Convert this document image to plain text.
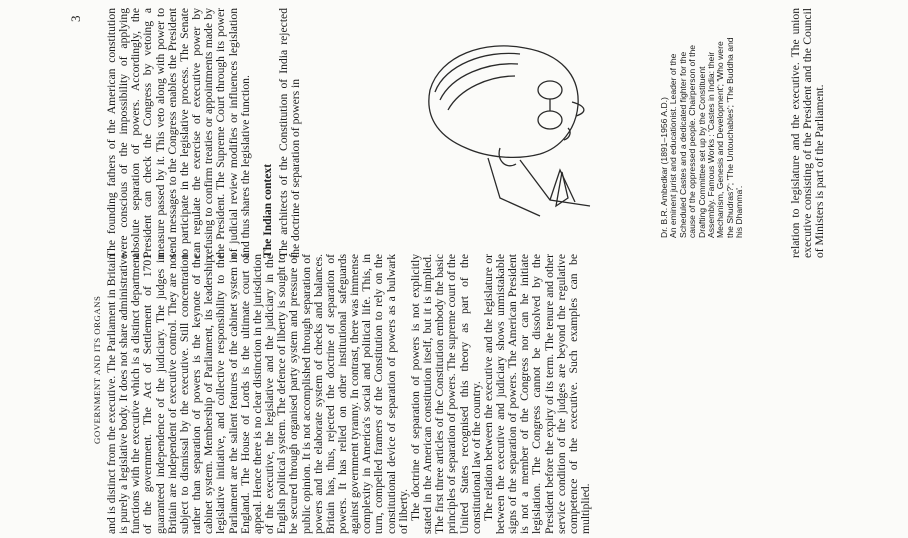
GOVERNMENT AND ITS ORGANS
3

and is distinct from the executive. The Parliament in Britain is purely a legislative body. It does not share administrative functions with the executive which is a distinct department of the government. The Act of Settlement of 1701 guaranteed independence of the judiciary. The judges in Britain are independent of executive control. They are not subject to dismissal by the executive. Still concentration rather than separation of powers is the keynote of the cabinet system. Membership of Parliament, its leadership, legislative initiative, and collective responsibility to the Parliament are the salient features of the cabinet system in England. The House of Lords is the ultimate court of appeal. Hence there is no clear distinction in the jurisdiction of the executive, the legislative and the judiciary in the English political system. The defence of liberty is sought to be secured through organised party system and pressure of public opinion. It is not accomplished through separation of powers and the elaborate system of checks and balances. Britain has, thus, rejected the doctrine of separation of powers. It has relied on other institutional safeguards against government tyranny. In contrast, there was immense complexity in America's social and political life. This, in turn, compelled framers of the Constitution to rely on the constitutional device of separation of powers as a bulwark of liberty. The doctrine of separation of powers is not explicitly stated in the American constitution itself, but it is implied. The first three articles of the Constitution embody the basic principles of separation of powers. The supreme court of the United States recognised this theory as part of the constitutional law of the country. The relation between the executive and the legislature or between the executive and judiciary shows unmistakable signs of the separation of powers. The American President is not a member of the Congress nor can he initiate legislation. The Congress cannot be dissolved by the President before the expiry of its term. The tenure and other service condition of the judges are beyond the regulative competence of the executive. Such examples can be multiplied.

The founding fathers of the American constitution were conscious of the impossibility of applying absolute separation of powers. Accordingly, the President can check the Congress by vetoing a measure passed by it. This veto along with power to send messages to the Congress enables the President to participate in the legislative process. The Senate can regulate the exercise of executive power by refusing to confirm treaties or appointments made by the President. The Supreme Court through its power of judicial review modifies or influences legislation and thus shares the legislative function. The Indian context The architects of the Constitution of India rejected the doctrine of separation of powers in	relation to legislature and the executive. The union executive consisting of the President and the Council of Ministers is part of the Parliament.

Dr. B.R. Ambedkar (1891–1956 A.D.) An eminent jurist and educationist. Leader of the Scheduled Castes and a dedicated fighter for the cause of the oppressed people. Chairperson of the Drafting Committee set up by the Constituent Assembly. Famous Works : 'Castes in India: their Mechanism, Genesis and Development'; 'Who were the Shudras?'; 'The Untouchables'; 'The Buddha and his Dhamma'.
